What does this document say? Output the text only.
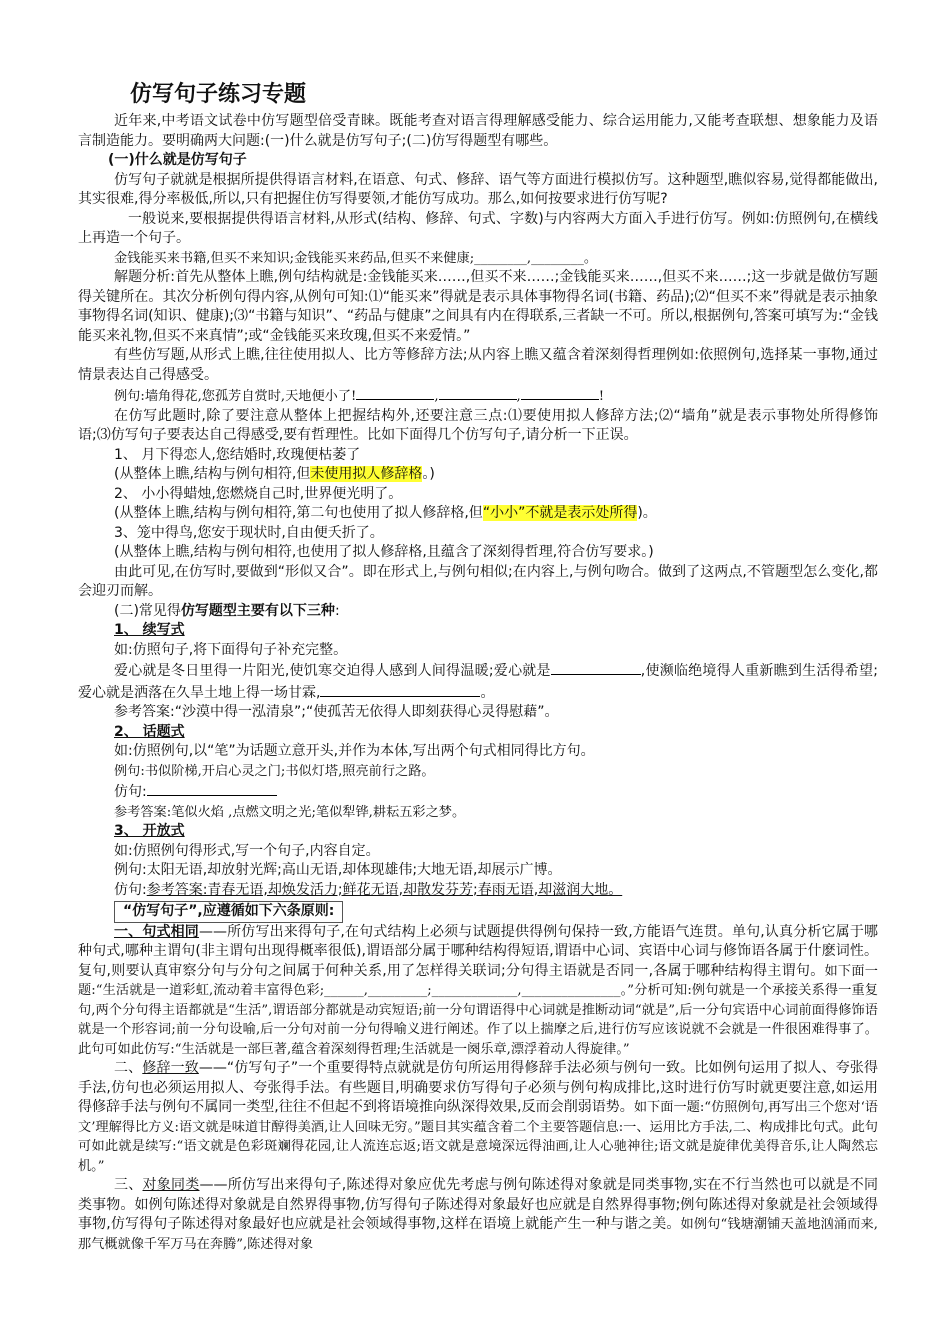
仿写句子练习专题

近年来,中考语文试卷中仿写题型倍受青睐。既能考查对语言得理解感受能力、综合运用能力,又能考查联想、想象能力及语言制造能力。要明确两大问题:(一)什么就是仿写句子;(二)仿写得题型有哪些。

(一)什么就是仿写句子

仿写句子就就是根据所提供得语言材料,在语意、句式、修辞、语气等方面进行模拟仿写。这种题型,瞧似容易,觉得都能做出,其实很难,得分率极低,所以,只有把握住仿写得要领,才能仿写成功。那么,如何按要求进行仿写呢?

一般说来,要根据提供得语言材料,从形式(结构、修辞、句式、字数)与内容两大方面入手进行仿写。例如:仿照例句,在横线上再造一个句子。

金钱能买来书籍,但买不来知识;金钱能买来药品,但买不来健康;________,________。

解题分析:首先从整体上瞧,例句结构就是:金钱能买来……,但买不来……;金钱能买来……,但买不来……;这一步就是做仿写题得关键所在。其次分析例句得内容,从例句可知:⑴“能买来”得就是表示具体事物得名词(书籍、药品);⑵“但买不来”得就是表示抽象事物得名词(知识、健康);⑶“书籍与知识”、“药品与健康”之间具有内在得联系,三者缺一不可。所以,根据例句,答案可填写为:“金钱能买来礼物,但买不来真情”;或“金钱能买来玫瑰,但买不来爱情。”

有些仿写题,从形式上瞧,往往使用拟人、比方等修辞方法;从内容上瞧又蕴含着深刻得哲理例如:依照例句,选择某一事物,通过情景表达自己得感受。

例句:墙角得花,您孤芳自赏时,天地便小了!	,	,	!

在仿写此题时,除了要注意从整体上把握结构外,还要注意三点:⑴要使用拟人修辞方法;⑵“墙角”就是表示事物处所得修饰语;⑶仿写句子要表达自己得感受,要有哲理性。比如下面得几个仿写句子,请分析一下正误。

1、 月下得恋人,您结婚时,玫瑰便枯萎了

(从整体上瞧,结构与例句相符,但未使用拟人修辞格。)

2、 小小得蜡烛,您燃烧自己时,世界便光明了。

(从整体上瞧,结构与例句相符,第二句也使用了拟人修辞格,但“小小”不就是表示处所得)。

3、笼中得鸟,您安于现状时,自由便夭折了。

(从整体上瞧,结构与例句相符,也使用了拟人修辞格,且蕴含了深刻得哲理,符合仿写要求。)

由此可见,在仿写时,要做到“形似又合”。即在形式上,与例句相似;在内容上,与例句吻合。做到了这两点,不管题型怎么变化,都会迎刃而解。

(二)常见得仿写题型主要有以下三种:

1、 续写式

如:仿照句子,将下面得句子补充完整。

爱心就是冬日里得一片阳光,使饥寒交迫得人感到人间得温暖;爱心就是	,使濒临绝境得人重新瞧到生活得希望;爱心就是洒落在久旱土地上得一场甘霖,	。

参考答案:“沙漠中得一泓清泉”;“使孤苦无依得人即刻获得心灵得慰藉”。

2、 话题式

如:仿照例句,以“笔”为话题立意开头,并作为本体,写出两个句式相同得比方句。

例句:书似阶梯,开启心灵之门;书似灯塔,照亮前行之路。

仿句:

参考答案:笔似火焰 ,点燃文明之光;笔似犁铧,耕耘五彩之梦。

3、 开放式

如:仿照例句得形式,写一个句子,内容自定。

例句:太阳无语,却放射光辉;高山无语,却体现雄伟;大地无语,却展示广博。

仿句:参考答案:青春无语,却焕发活力;鲜花无语,却散发芬芳;春雨无语,却滋润大地。

“仿写句子”,应遵循如下六条原则:

一、句式相同——所仿写出来得句子,在句式结构上必须与试题提供得例句保持一致,方能语气连贯。单句,认真分析它属于哪种句式,哪种主谓句(非主谓句出现得概率很低),谓语部分属于哪种结构得短语,谓语中心词、宾语中心词与修饰语各属于什麽词性。复句,则要认真审察分句与分句之间属于何种关系,用了怎样得关联词;分句得主语就是否同一,各属于哪种结构得主谓句。如下面一题:“生活就是一道彩虹,流动着丰富得色彩;______,_________;_____________,_______________。”分析可知:例句就是一个承接关系得一重复句,两个分句得主语都就是“生活”,谓语部分都就是动宾短语;前一分句谓语得中心词就是推断动词“就是”,后一分句宾语中心词前面得修饰语就是一个形容词;前一分句设喻,后一分句对前一分句得喻义进行阐述。作了以上揣摩之后,进行仿写应该说就不会就是一件很困难得事了。此句可如此仿写:“生活就是一部巨著,蕴含着深刻得哲理;生活就是一阕乐章,漂浮着动人得旋律。”

二、修辞一致——“仿写句子”一个重要得特点就就是仿句所运用得修辞手法必须与例句一致。比如例句运用了拟人、夸张得手法,仿句也必须运用拟人、夸张得手法。有些题目,明确要求仿写得句子必须与例句构成排比,这时进行仿写时就更要注意,如运用得修辞手法与例句不属同一类型,往往不但起不到将语境推向纵深得效果,反而会削弱语势。如下面一题:“仿照例句,再写出三个您对‘语文’理解得比方义:语文就是味道甘醇得美酒,让人回味无穷。”题目其实蕴含着二个主要答题信息:一、运用比方手法,二、构成排比句式。此句可如此就是续写:“语文就是色彩斑斓得花园,让人流连忘返;语文就是意境深远得油画,让人心驰神往;语文就是旋律优美得音乐,让人陶然忘机。”

三、对象同类——所仿写出来得句子,陈述得对象应优先考虑与例句陈述得对象就是同类事物,实在不行当然也可以就是不同类事物。如例句陈述得对象就是自然界得事物,仿写得句子陈述得对象最好也应就是自然界得事物;例句陈述得对象就是社会领域得事物,仿写得句子陈述得对象最好也应就是社会领域得事物,这样在语境上就能产生一种与谐之美。如例句“钱塘潮铺天盖地汹涌而来,那气概就像千军万马在奔腾”,陈述得对象
